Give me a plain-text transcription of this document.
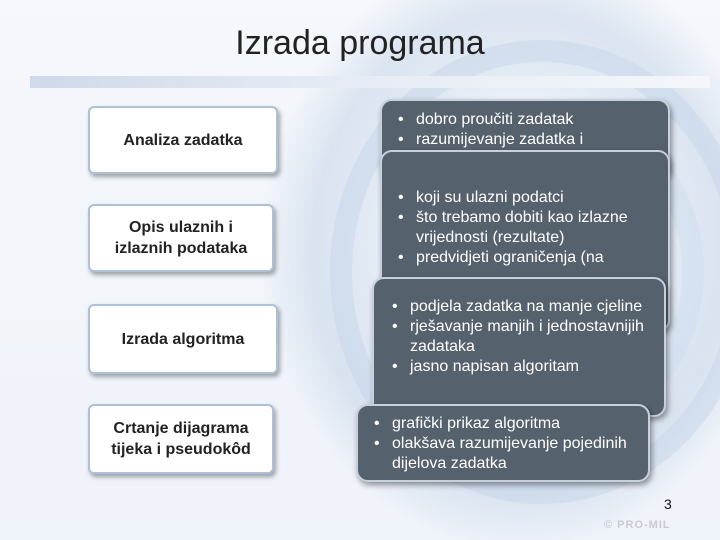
Izrada programa
Analiza zadatka
Opis ulaznih i izlaznih podataka
Izrada algoritma
Crtanje dijagrama tijeka i pseudokôd
• dobro proučiti zadatak
• razumijevanje zadatka i
• koji su ulazni podatci
• što trebamo dobiti kao izlazne vrijednosti (rezultate)
• predvidjeti ograničenja (na
• podjela zadatka na manje cjeline
• rješavanje manjih i jednostavnijih zadataka
• jasno napisan algoritam
• grafički prikaz algoritma
• olakšava razumijevanje pojedinih dijelova zadatka
3
© PRO-MIL
